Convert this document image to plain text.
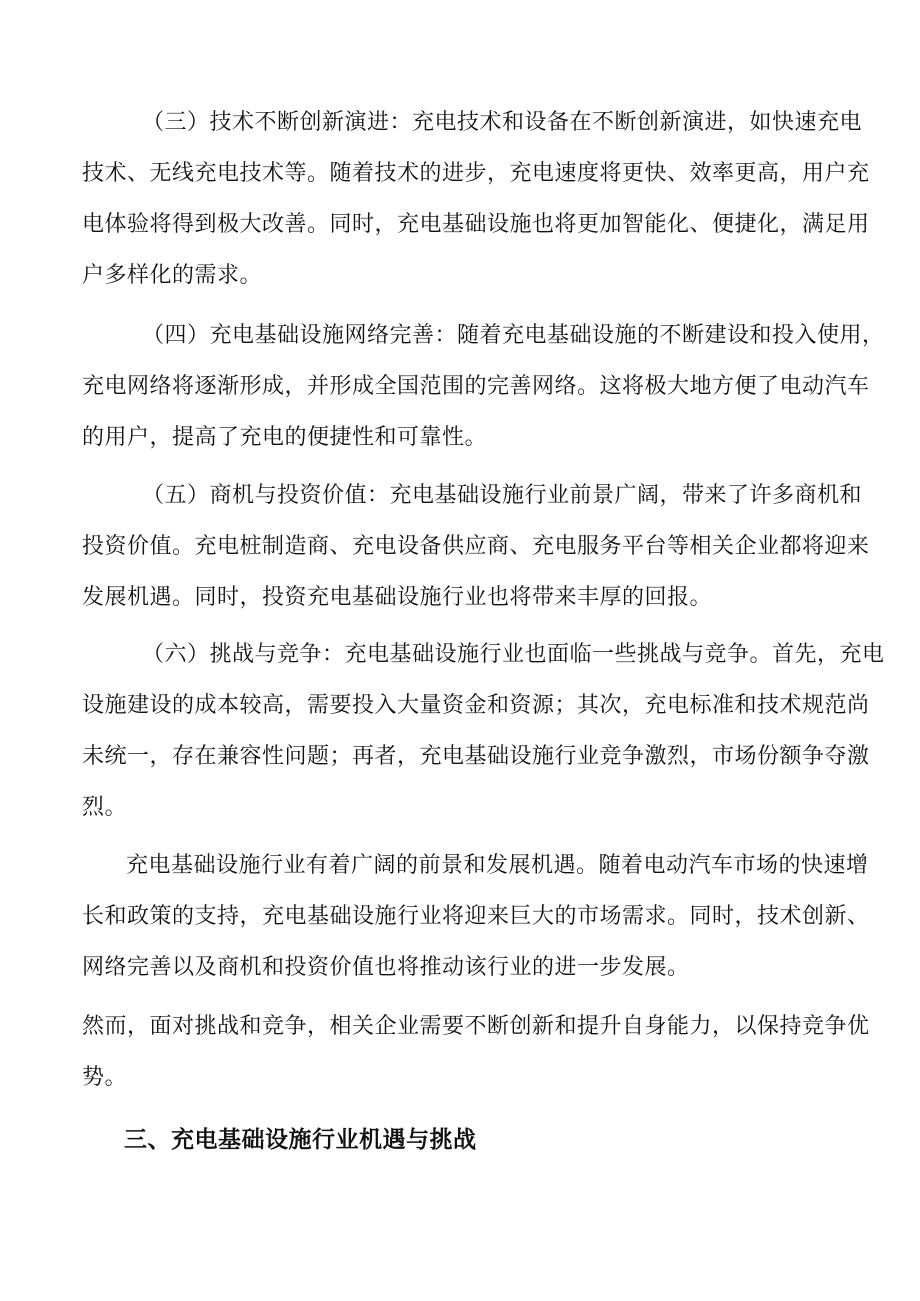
（三）技术不断创新演进：充电技术和设备在不断创新演进，如快速充电
技术、无线充电技术等。随着技术的进步，充电速度将更快、效率更高，用户充
电体验将得到极大改善。同时，充电基础设施也将更加智能化、便捷化，满足用
户多样化的需求。
（四）充电基础设施网络完善：随着充电基础设施的不断建设和投入使用，
充电网络将逐渐形成，并形成全国范围的完善网络。这将极大地方便了电动汽车
的用户，提高了充电的便捷性和可靠性。
（五）商机与投资价值：充电基础设施行业前景广阔，带来了许多商机和
投资价值。充电桩制造商、充电设备供应商、充电服务平台等相关企业都将迎来
发展机遇。同时，投资充电基础设施行业也将带来丰厚的回报。
（六）挑战与竞争：充电基础设施行业也面临一些挑战与竞争。首先，充电
设施建设的成本较高，需要投入大量资金和资源；其次，充电标准和技术规范尚
未统一，存在兼容性问题；再者，充电基础设施行业竞争激烈，市场份额争夺激
烈。
充电基础设施行业有着广阔的前景和发展机遇。随着电动汽车市场的快速增
长和政策的支持，充电基础设施行业将迎来巨大的市场需求。同时，技术创新、
网络完善以及商机和投资价值也将推动该行业的进一步发展。
然而，面对挑战和竞争，相关企业需要不断创新和提升自身能力，以保持竞争优
势。
三、充电基础设施行业机遇与挑战
